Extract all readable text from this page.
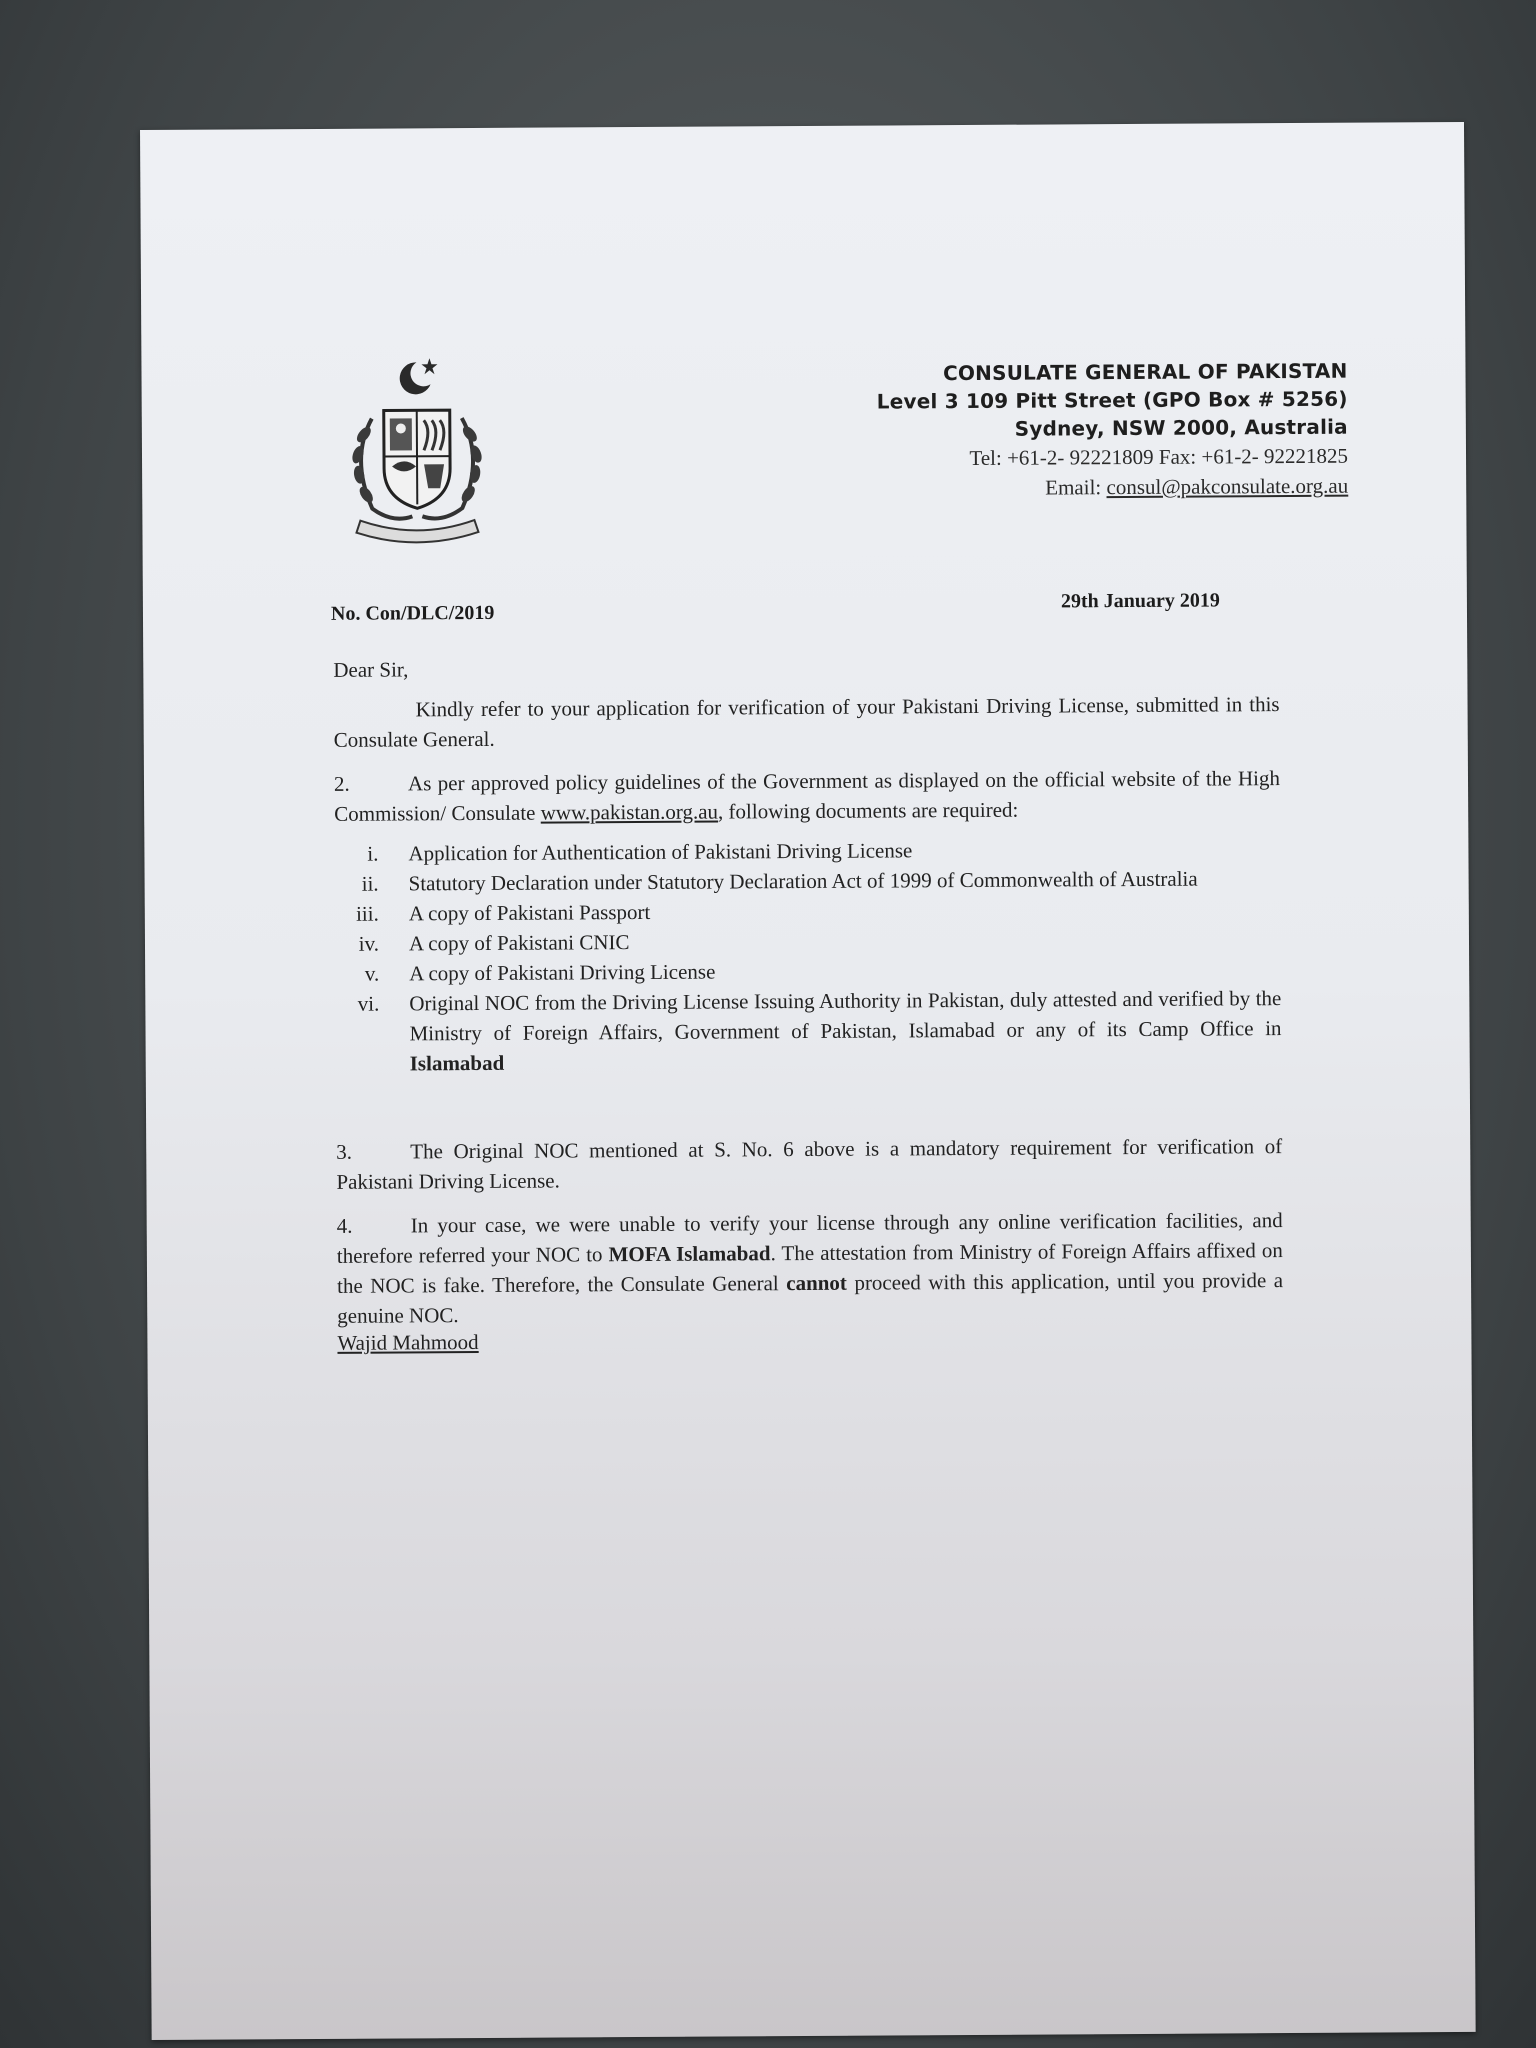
CONSULATE GENERAL OF PAKISTAN
Level 3 109 Pitt Street (GPO Box # 5256)
Sydney, NSW 2000, Australia
Tel: +61-2- 92221809 Fax: +61-2- 92221825
Email: consul@pakconsulate.org.au
No. Con/DLC/2019
29th January 2019
Dear Sir,
Kindly refer to your application for verification of your Pakistani Driving License, submitted in this Consulate General.
2.	As per approved policy guidelines of the Government as displayed on the official website of the High Commission/ Consulate www.pakistan.org.au, following documents are required:
i.	Application for Authentication of Pakistani Driving License
ii.	Statutory Declaration under Statutory Declaration Act of 1999 of Commonwealth of Australia
iii.	A copy of Pakistani Passport
iv.	A copy of Pakistani CNIC
v.	A copy of Pakistani Driving License
vi.	Original NOC from the Driving License Issuing Authority in Pakistan, duly attested and verified by the Ministry of Foreign Affairs, Government of Pakistan, Islamabad or any of its Camp Office in Islamabad
3.	The Original NOC mentioned at S. No. 6 above is a mandatory requirement for verification of Pakistani Driving License.
4.	In your case, we were unable to verify your license through any online verification facilities, and therefore referred your NOC to MOFA Islamabad. The attestation from Ministry of Foreign Affairs affixed on the NOC is fake. Therefore, the Consulate General cannot proceed with this application, until you provide a genuine NOC.
Wajid Mahmood
